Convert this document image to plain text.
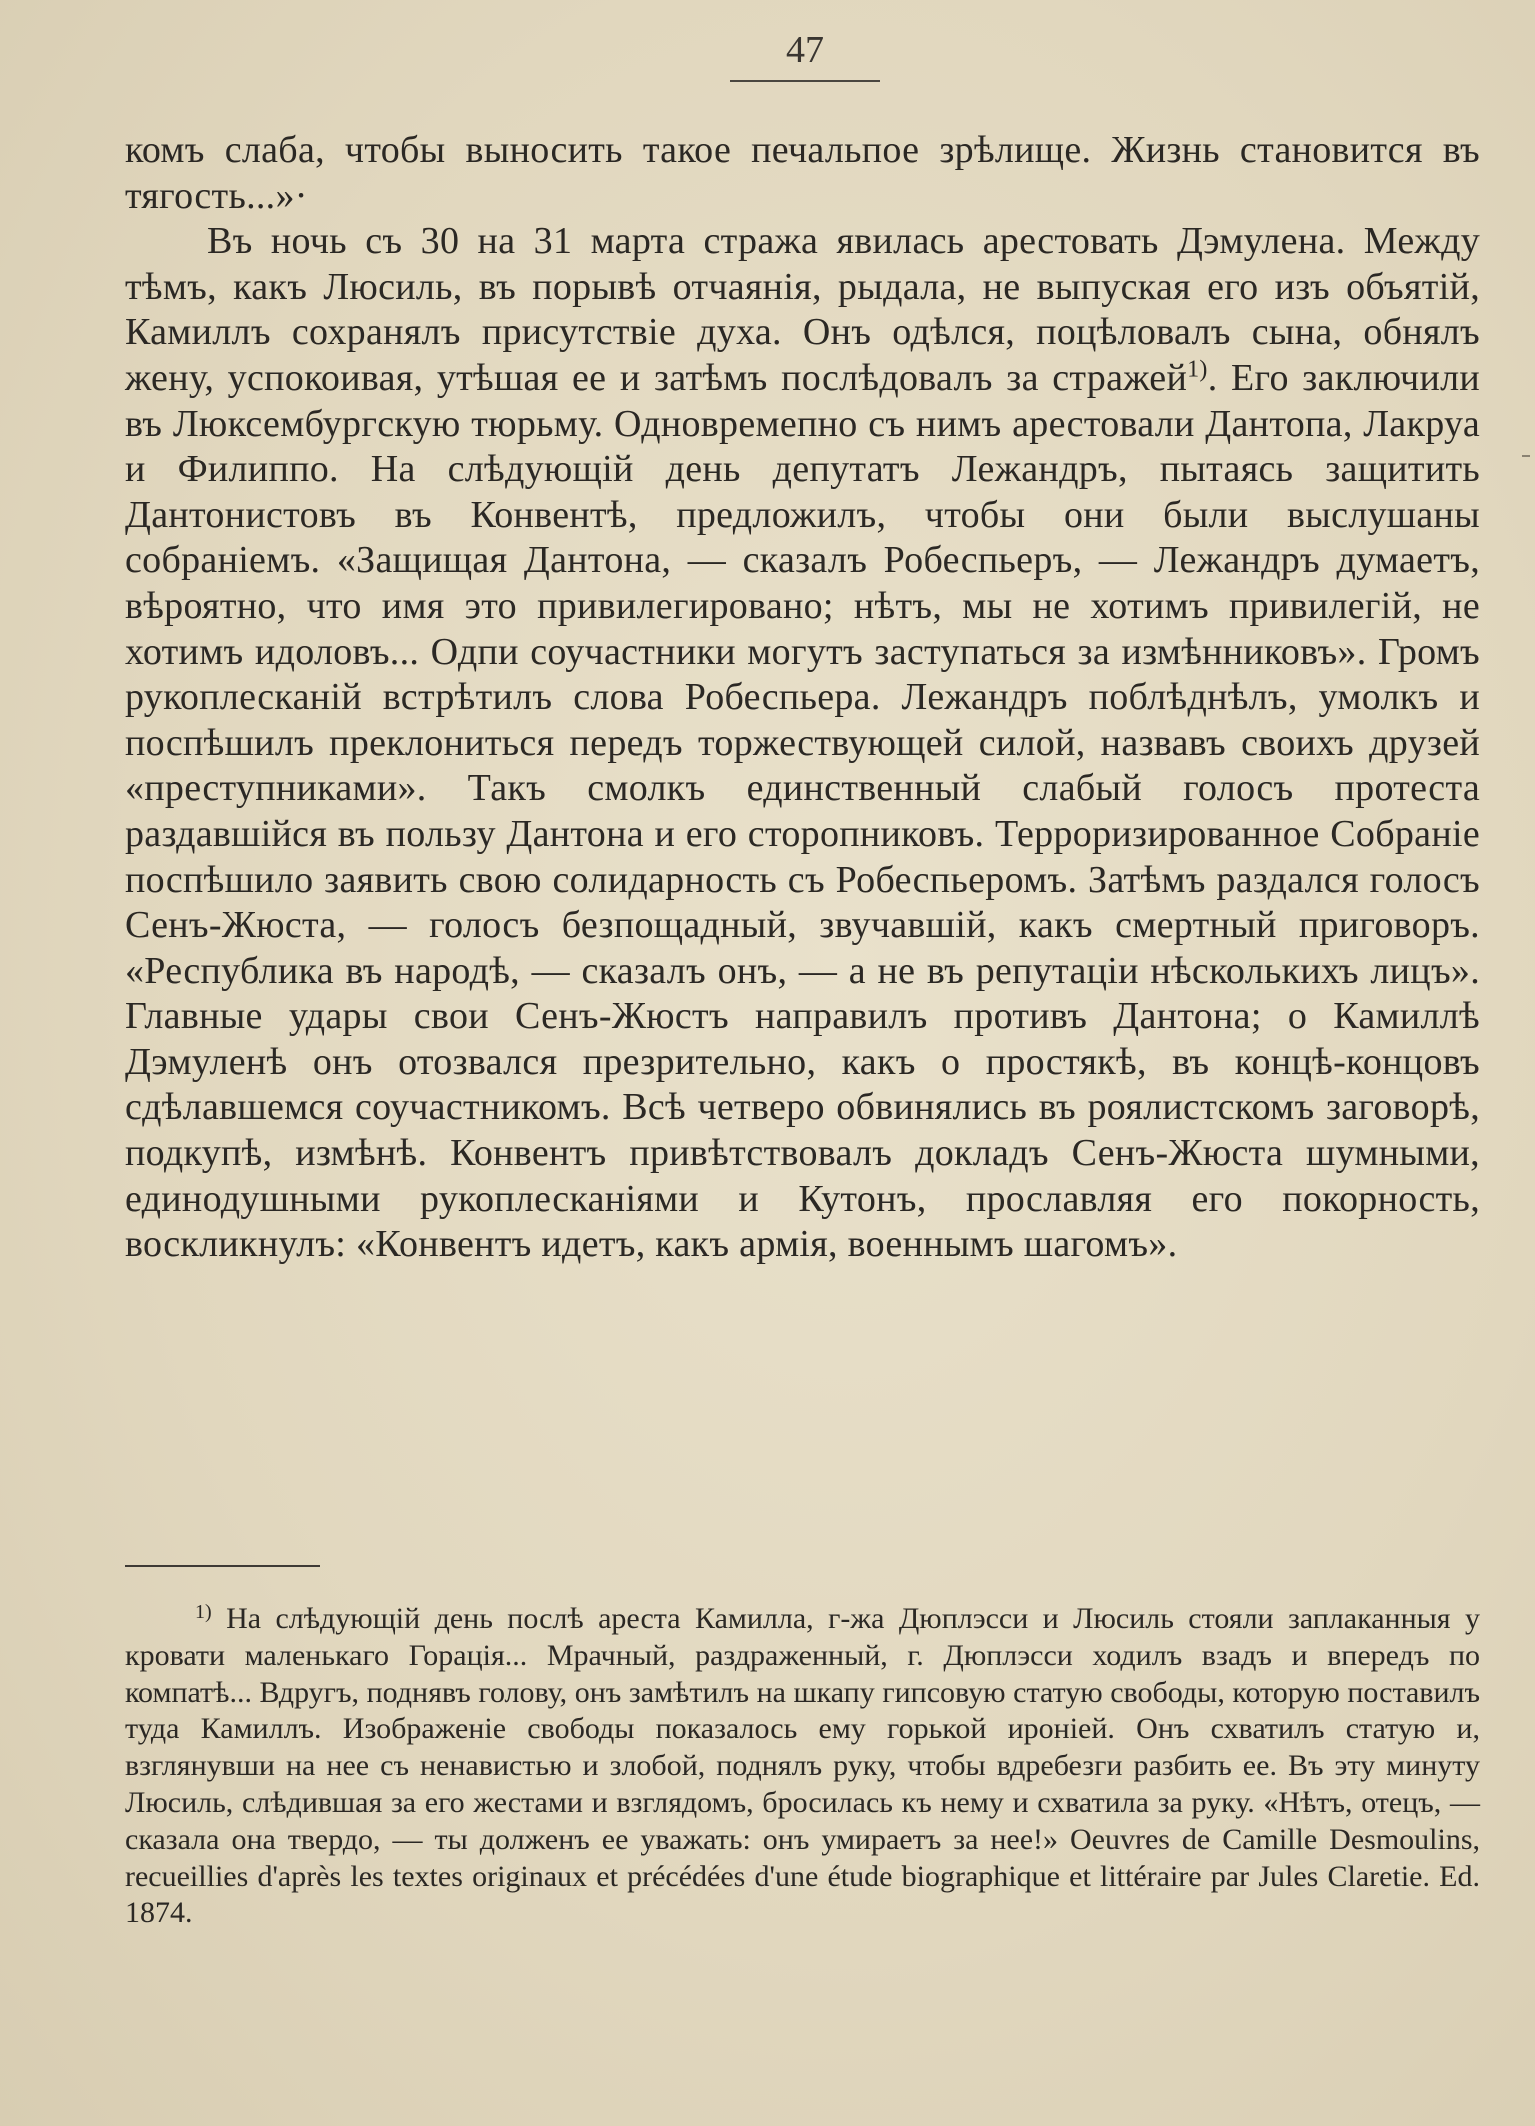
47

комъ слаба, чтобы выносить такое печальпое зрѣлище. Жизнь становится въ тягость...»·

Въ ночь съ 30 на 31 марта стража явилась арестовать Дэмулена. Между тѣмъ, какъ Люсиль, въ порывѣ отчаянія, рыдала, не выпуская его изъ объятій, Камиллъ сохранялъ присутствіе духа. Онъ одѣлся, поцѣловалъ сына, обнялъ жену, успокоивая, утѣшая ее и затѣмъ послѣдовалъ за стражей$^{1)}$. Его заключили въ Люксембургскую тюрьму. Одновремепно съ нимъ арестовали Дантопа, Лакруа и Филиппо. На слѣдующій день депутатъ Лежандръ, пытаясь защитить Дантонистовъ въ Конвентѣ, предложилъ, чтобы они были выслушаны собраніемъ. «Защищая Дантона, — сказалъ Робеспьеръ, — Лежандръ думаетъ, вѣроятно, что имя это привилегировано; нѣтъ, мы не хотимъ привилегій, не хотимъ идоловъ... Одпи соучастники могутъ заступаться за измѣнниковъ». Громъ рукоплесканій встрѣтилъ слова Робеспьера. Лежандръ поблѣднѣлъ, умолкъ и поспѣшилъ преклониться передъ торжествующей силой, назвавъ своихъ друзей «преступниками». Такъ смолкъ единственный слабый голосъ протеста раздавшійся въ пользу Дантона и его сторопниковъ. Терроризированное Собраніе поспѣшило заявить свою солидарность съ Робеспьеромъ. Затѣмъ раздался голосъ Сенъ-Жюста, — голосъ безпощадный, звучавшій, какъ смертный приговоръ. «Республика въ народѣ, — сказалъ онъ, — а не въ репутаціи нѣсколькихъ лицъ». Главные удары свои Сенъ-Жюстъ направилъ противъ Дантона; о Камиллѣ Дэмуленѣ онъ отозвался презрительно, какъ о простякѣ, въ концѣ-концовъ сдѣлавшемся соучастникомъ. Всѣ четверо обвинялись въ роялистскомъ заговорѣ, подкупѣ, измѣнѣ. Конвентъ привѣтствовалъ докладъ Сенъ-Жюста шумными, единодушными рукоплесканіями и Кутонъ, прославляя его покорность, воскликнулъ: «Конвентъ идетъ, какъ армія, военнымъ шагомъ».

$^{1)}$ На слѣдующій день послѣ ареста Камилла, г-жа Дюплэсси и Люсиль стояли заплаканныя у кровати маленькаго Горація... Мрачный, раздраженный, г. Дюплэсси ходилъ взадъ и впередъ по компатѣ... Вдругъ, поднявъ голову, онъ замѣтилъ на шкапу гипсовую статую свободы, которую поставилъ туда Камиллъ. Изображеніе свободы показалось ему горькой ироніей. Онъ схватилъ статую и, взглянувши на нее съ ненавистью и злобой, поднялъ руку, чтобы вдребезги разбить ее. Въ эту минуту Люсиль, слѣдившая за его жестами и взглядомъ, бросилась къ нему и схватила за руку. «Нѣтъ, отецъ, — сказала она твердо, — ты долженъ ее уважать: онъ умираетъ за нее!» Oeuvres de Camille Desmoulins, recueillies d'après les textes originaux et précédées d'une étude biographique et littéraire par Jules Claretie. Ed. 1874.
